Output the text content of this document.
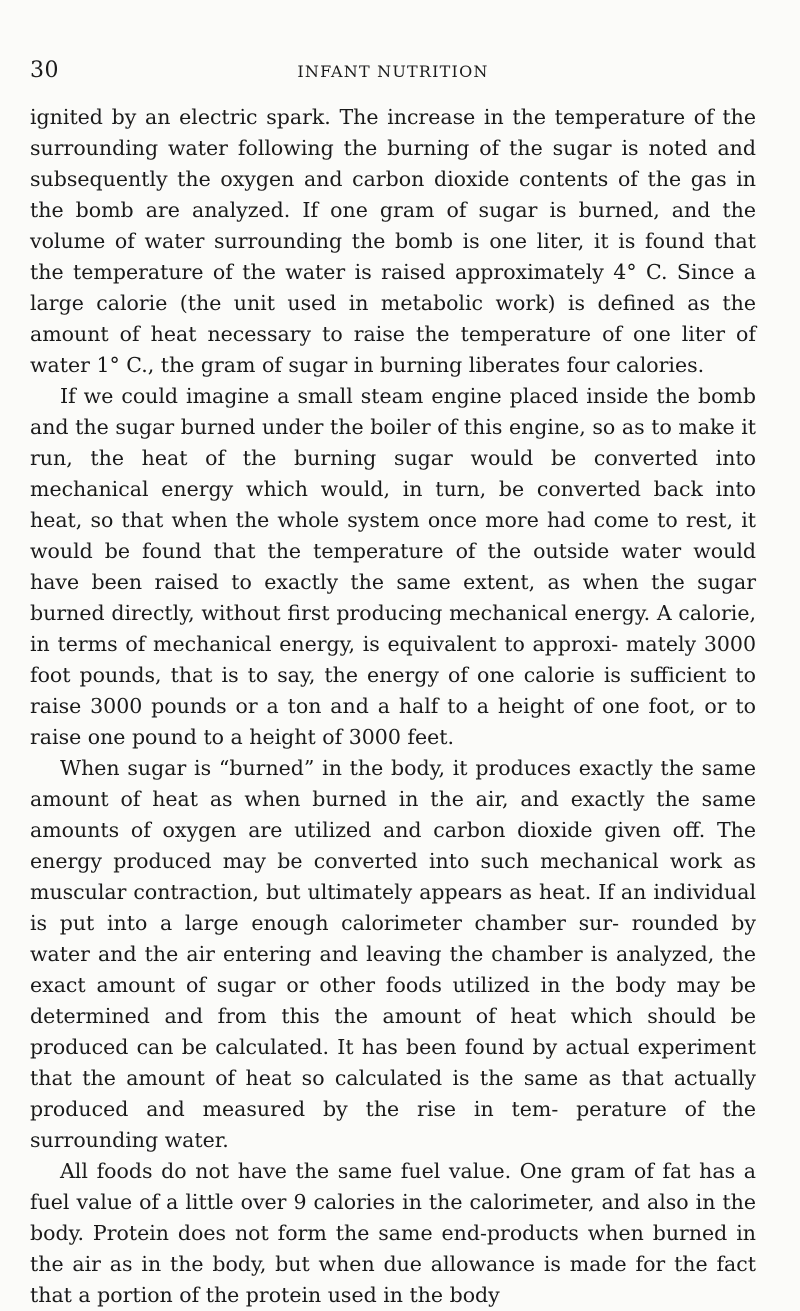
30	INFANT NUTRITION

ignited by an electric spark. The increase in the temperature of the surrounding water following the burning of the sugar is noted and subsequently the oxygen and carbon dioxide contents of the gas in the bomb are analyzed. If one gram of sugar is burned, and the volume of water surrounding the bomb is one liter, it is found that the temperature of the water is raised approximately 4° C. Since a large calorie (the unit used in metabolic work) is defined as the amount of heat necessary to raise the temperature of one liter of water 1° C., the gram of sugar in burning liberates four calories.

If we could imagine a small steam engine placed inside the bomb and the sugar burned under the boiler of this engine, so as to make it run, the heat of the burning sugar would be converted into mechanical energy which would, in turn, be converted back into heat, so that when the whole system once more had come to rest, it would be found that the temperature of the outside water would have been raised to exactly the same extent, as when the sugar burned directly, without first producing mechanical energy. A calorie, in terms of mechanical energy, is equivalent to approxi- mately 3000 foot pounds, that is to say, the energy of one calorie is sufficient to raise 3000 pounds or a ton and a half to a height of one foot, or to raise one pound to a height of 3000 feet.

When sugar is “burned” in the body, it produces exactly the same amount of heat as when burned in the air, and exactly the same amounts of oxygen are utilized and carbon dioxide given off. The energy produced may be converted into such mechanical work as muscular contraction, but ultimately appears as heat. If an individual is put into a large enough calorimeter chamber sur- rounded by water and the air entering and leaving the chamber is analyzed, the exact amount of sugar or other foods utilized in the body may be determined and from this the amount of heat which should be produced can be calculated. It has been found by actual experiment that the amount of heat so calculated is the same as that actually produced and measured by the rise in tem- perature of the surrounding water.

All foods do not have the same fuel value. One gram of fat has a fuel value of a little over 9 calories in the calorimeter, and also in the body. Protein does not form the same end-products when burned in the air as in the body, but when due allowance is made for the fact that a portion of the protein used in the body
